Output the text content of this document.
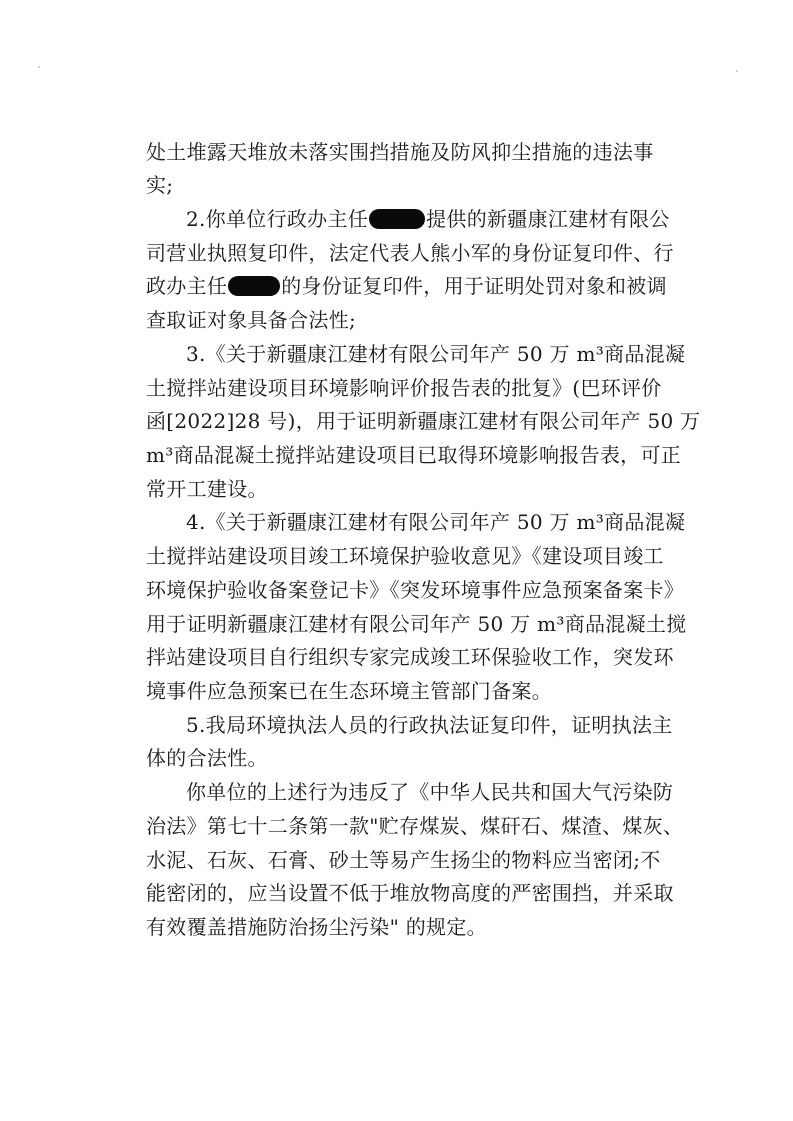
处土堆露天堆放未落实围挡措施及防风抑尘措施的违法事
实;
2.你单位行政办主任	提供的新疆康江建材有限公
司营业执照复印件，法定代表人熊小军的身份证复印件、行
政办主任	的身份证复印件，用于证明处罚对象和被调
查取证对象具备合法性;
3.《关于新疆康江建材有限公司年产 50 万 m³商品混凝
土搅拌站建设项目环境影响评价报告表的批复》(巴环评价
函[2022]28 号)，用于证明新疆康江建材有限公司年产 50 万
m³商品混凝土搅拌站建设项目已取得环境影响报告表，可正
常开工建设。
4.《关于新疆康江建材有限公司年产 50 万 m³商品混凝
土搅拌站建设项目竣工环境保护验收意见》《建设项目竣工
环境保护验收备案登记卡》《突发环境事件应急预案备案卡》
用于证明新疆康江建材有限公司年产 50 万 m³商品混凝土搅
拌站建设项目自行组织专家完成竣工环保验收工作，突发环
境事件应急预案已在生态环境主管部门备案。
5.我局环境执法人员的行政执法证复印件，证明执法主
体的合法性。
你单位的上述行为违反了《中华人民共和国大气污染防
治法》第七十二条第一款"贮存煤炭、煤矸石、煤渣、煤灰、
水泥、石灰、石膏、砂土等易产生扬尘的物料应当密闭;不
能密闭的，应当设置不低于堆放物高度的严密围挡，并采取
有效覆盖措施防治扬尘污染" 的规定。
